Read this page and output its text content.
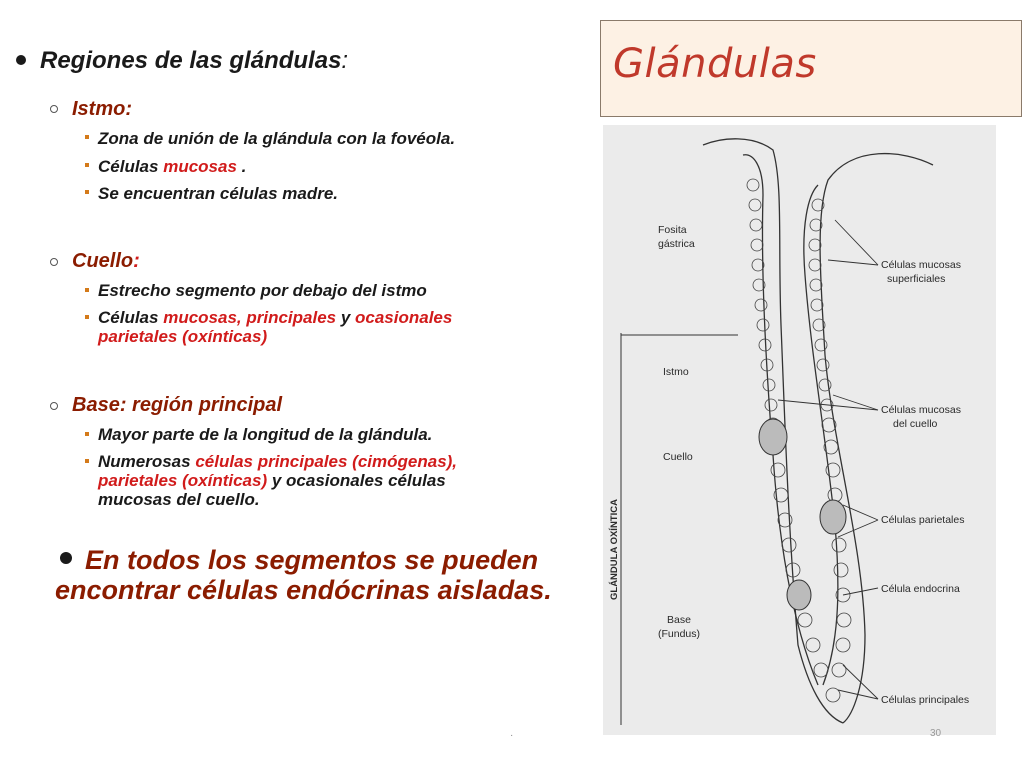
Glándulas
Regiones de las glándulas:
Istmo:
Zona de unión de la glándula con la fovéola.
Células mucosas .
Se encuentran células madre.
Cuello:
Estrecho segmento por debajo del istmo
Células mucosas, principales y ocasionales
parietales (oxínticas)
Base: región principal
Mayor parte de la longitud de la glándula.
Numerosas células principales (cimógenas),
parietales (oxínticas) y ocasionales células
mucosas del cuello.
En todos los segmentos se pueden
encontrar células endócrinas aisladas.
Fosita
gástrica
Istmo
Cuello
Base
(Fundus)
GLÁNDULA OXÍNTICA
Células mucosas
superficiales
Células mucosas
del cuello
Células parietales
Célula endocrina
Células principales
·	30
